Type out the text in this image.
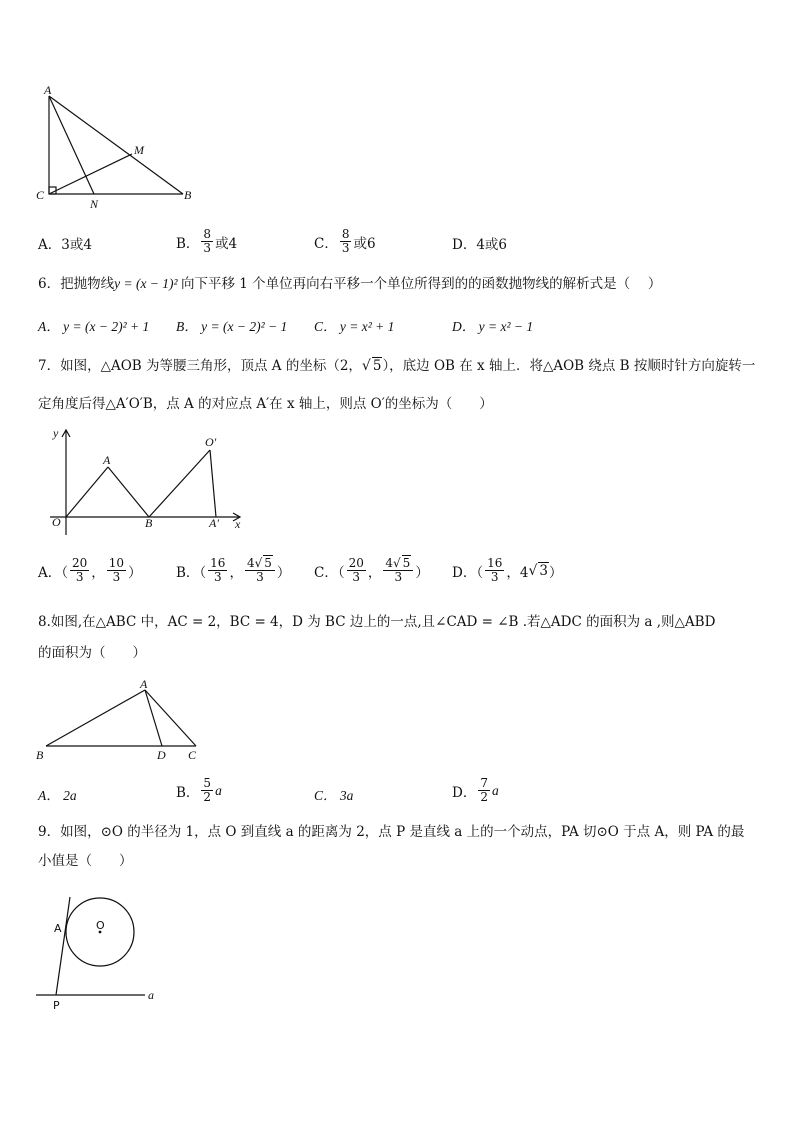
A
M
C
N
B
A．3或4	B． $\frac{8}{3}$ 或4	C． $\frac{8}{3}$ 或6	D．4或6
6．把抛物线y = (x − 1)² 向下平移 1 个单位再向右平移一个单位所得到的的函数抛物线的解析式是（　 ）
A． y = (x − 2)² + 1 B． y = (x − 2)² − 1 C． y = x² + 1	D． y = x² − 1
7．如图，△AOB 为等腰三角形，顶点 A 的坐标（2，√ 5），底边 OB 在 x 轴上．将△AOB 绕点 B 按顺时针方向旋转一
定角度后得△A′O′B，点 A 的对应点 A′在 x 轴上，则点 O′的坐标为（　　）
y
A
O′
O	B	A′ x
A．（ $\frac{20}{3}$ ， $\frac{10}{3}$ ）	B．（ $\frac{16}{3}$ ， $\frac{4√ 5}{3}$ ） C．（ $\frac{20}{3}$ ， $\frac{4√ 5}{3}$ ） D．（ $\frac{16}{3}$ ，4 √ 3 ）
8.如图,在△ABC 中，AC = 2，BC = 4，D 为 BC 边上的一点,且∠CAD = ∠B .若△ADC 的面积为 a ,则△ABD
的面积为（　　）
A
B	D C
A． 2a	B． $\frac{5}{2}$ a	C． 3a	D． $\frac{7}{2}$ a
9．如图，⊙O 的半径为 1，点 O 到直线 a 的距离为 2，点 P 是直线 a 上的一个动点，PA 切⊙O 于点 A，则 PA 的最
小值是（　　）
A	O
P
a
